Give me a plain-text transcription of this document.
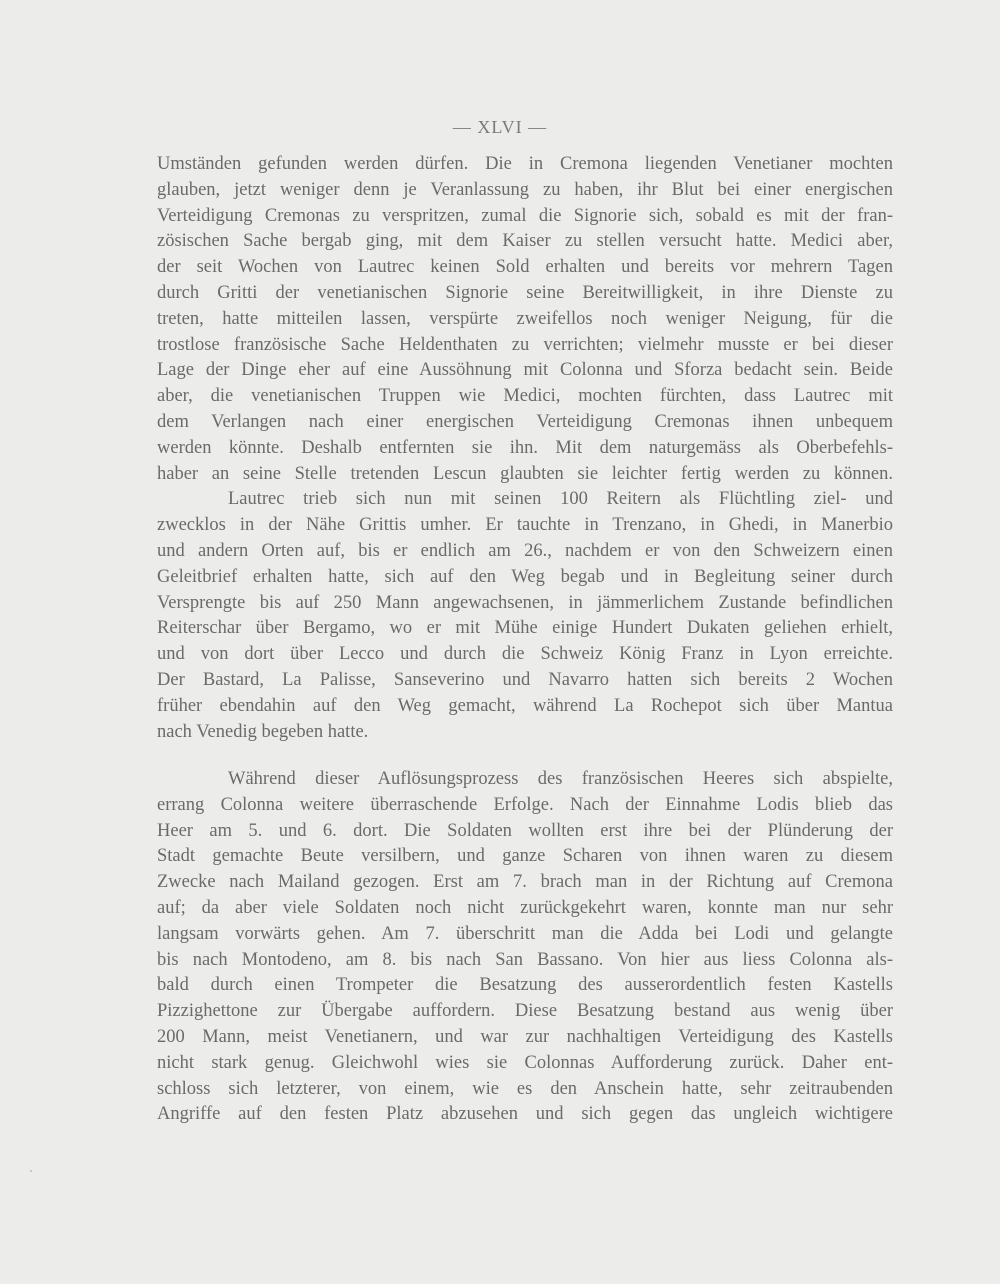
— XLVI —
Umständen gefunden werden dürfen. Die in Cremona liegenden Venetianer mochten
glauben, jetzt weniger denn je Veranlassung zu haben, ihr Blut bei einer energischen
Verteidigung Cremonas zu verspritzen, zumal die Signorie sich, sobald es mit der fran-
zösischen Sache bergab ging, mit dem Kaiser zu stellen versucht hatte. Medici aber,
der seit Wochen von Lautrec keinen Sold erhalten und bereits vor mehrern Tagen
durch Gritti der venetianischen Signorie seine Bereitwilligkeit, in ihre Dienste zu
treten, hatte mitteilen lassen, verspürte zweifellos noch weniger Neigung, für die
trostlose französische Sache Heldenthaten zu verrichten; vielmehr musste er bei dieser
Lage der Dinge eher auf eine Aussöhnung mit Colonna und Sforza bedacht sein. Beide
aber, die venetianischen Truppen wie Medici, mochten fürchten, dass Lautrec mit
dem Verlangen nach einer energischen Verteidigung Cremonas ihnen unbequem
werden könnte. Deshalb entfernten sie ihn. Mit dem naturgemäss als Oberbefehls-
haber an seine Stelle tretenden Lescun glaubten sie leichter fertig werden zu können.
Lautrec trieb sich nun mit seinen 100 Reitern als Flüchtling ziel- und
zwecklos in der Nähe Grittis umher. Er tauchte in Trenzano, in Ghedi, in Manerbio
und andern Orten auf, bis er endlich am 26., nachdem er von den Schweizern einen
Geleitbrief erhalten hatte, sich auf den Weg begab und in Begleitung seiner durch
Versprengte bis auf 250 Mann angewachsenen, in jämmerlichem Zustande befindlichen
Reiterschar über Bergamo, wo er mit Mühe einige Hundert Dukaten geliehen erhielt,
und von dort über Lecco und durch die Schweiz König Franz in Lyon erreichte.
Der Bastard, La Palisse, Sanseverino und Navarro hatten sich bereits 2 Wochen
früher ebendahin auf den Weg gemacht, während La Rochepot sich über Mantua
nach Venedig begeben hatte.
Während dieser Auflösungsprozess des französischen Heeres sich abspielte,
errang Colonna weitere überraschende Erfolge. Nach der Einnahme Lodis blieb das
Heer am 5. und 6. dort. Die Soldaten wollten erst ihre bei der Plünderung der
Stadt gemachte Beute versilbern, und ganze Scharen von ihnen waren zu diesem
Zwecke nach Mailand gezogen. Erst am 7. brach man in der Richtung auf Cremona
auf; da aber viele Soldaten noch nicht zurückgekehrt waren, konnte man nur sehr
langsam vorwärts gehen. Am 7. überschritt man die Adda bei Lodi und gelangte
bis nach Montodeno, am 8. bis nach San Bassano. Von hier aus liess Colonna als-
bald durch einen Trompeter die Besatzung des ausserordentlich festen Kastells
Pizzighettone zur Übergabe auffordern. Diese Besatzung bestand aus wenig über
200 Mann, meist Venetianern, und war zur nachhaltigen Verteidigung des Kastells
nicht stark genug. Gleichwohl wies sie Colonnas Aufforderung zurück. Daher ent-
schloss sich letzterer, von einem, wie es den Anschein hatte, sehr zeitraubenden
Angriffe auf den festen Platz abzusehen und sich gegen das ungleich wichtigere
